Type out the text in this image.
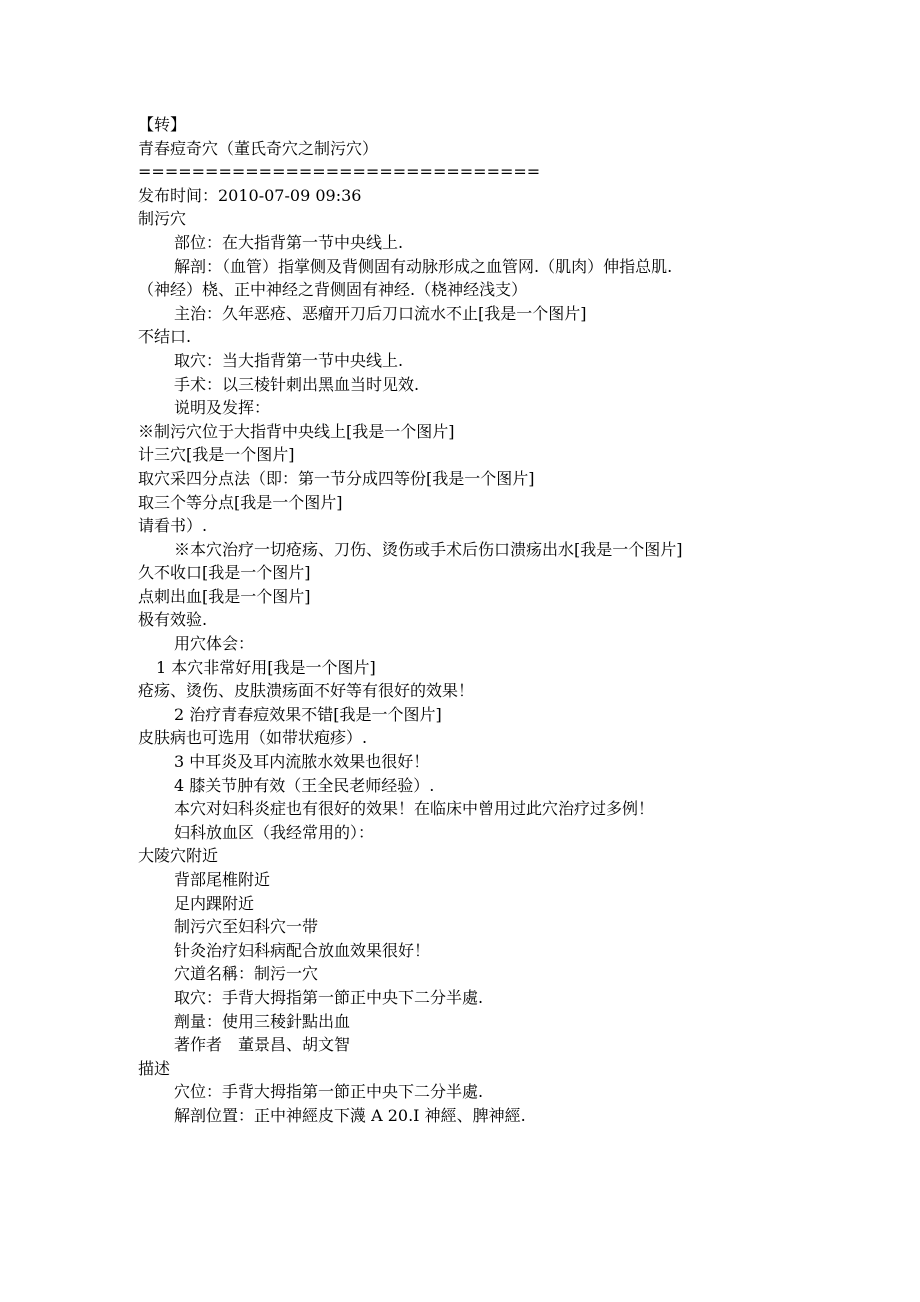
【转】
青春痘奇穴（董氏奇穴之制污穴）
==============================
发布时间：2010-07-09 09:36
制污穴
部位：在大指背第一节中央线上.
解剖：（血管）指掌侧及背侧固有动脉形成之血管网.（肌肉）伸指总肌.
（神经）桡、正中神经之背侧固有神经.（桡神经浅支）
主治：久年恶疮、恶瘤开刀后刀口流水不止[我是一个图片]
不结口.
取穴：当大指背第一节中央线上.
手术：以三棱针刺出黑血当时见效.
说明及发挥：
※制污穴位于大指背中央线上[我是一个图片]
计三穴[我是一个图片]
取穴采四分点法（即：第一节分成四等份[我是一个图片]
取三个等分点[我是一个图片]
请看书）.
※本穴治疗一切疮疡、刀伤、烫伤或手术后伤口溃疡出水[我是一个图片]
久不收口[我是一个图片]
点刺出血[我是一个图片]
极有效验.
用穴体会：
1 本穴非常好用[我是一个图片]
疮疡、烫伤、皮肤溃疡面不好等有很好的效果！
2 治疗青春痘效果不错[我是一个图片]
皮肤病也可选用（如带状疱疹）.
3 中耳炎及耳内流脓水效果也很好！
4 膝关节肿有效（王全民老师经验）.
本穴对妇科炎症也有很好的效果！在临床中曾用过此穴治疗过多例！
妇科放血区（我经常用的）：
大陵穴附近
背部尾椎附近
足内踝附近
制污穴至妇科穴一带
针灸治疗妇科病配合放血效果很好！
穴道名稱：制污一穴
取穴：手背大拇指第一節正中央下二分半處.
劑量：使用三稜針點出血
著作者　董景昌、胡文智
描述
穴位：手背大拇指第一節正中央下二分半處.
解剖位置：正中神經皮下瀎 A 20.I 神經、脾神經.
